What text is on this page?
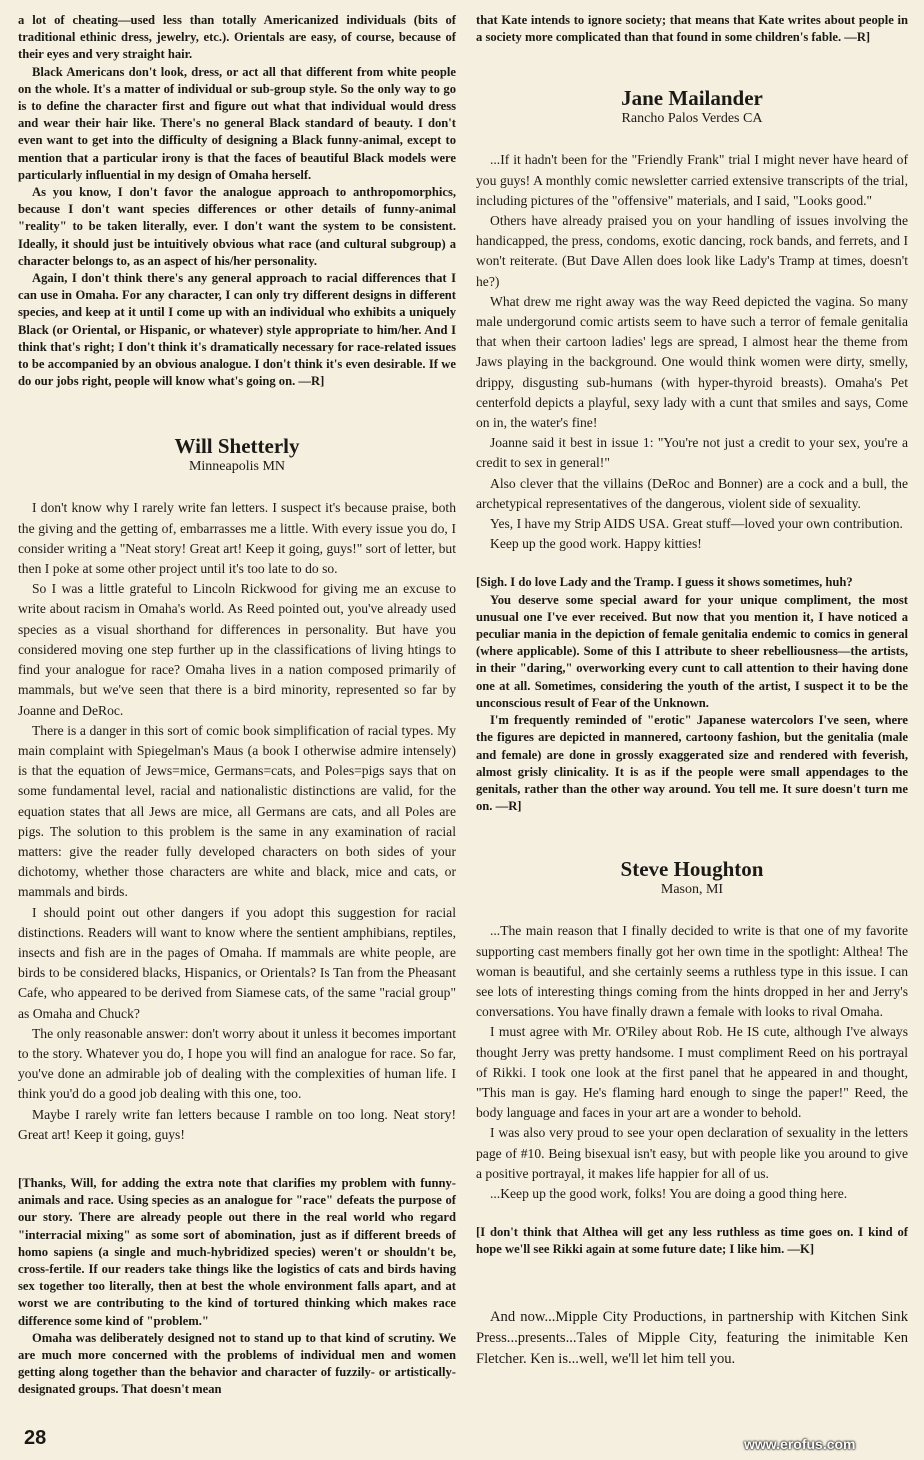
a lot of cheating—used less than totally Americanized individuals (bits of traditional ethinic dress, jewelry, etc.). Orientals are easy, of course, because of their eyes and very straight hair.

Black Americans don't look, dress, or act all that different from white people on the whole. It's a matter of individual or sub-group style. So the only way to go is to define the character first and figure out what that individual would dress and wear their hair like. There's no general Black standard of beauty. I don't even want to get into the difficulty of designing a Black funny-animal, except to mention that a particular irony is that the faces of beautiful Black models were particularly influential in my design of Omaha herself.

As you know, I don't favor the analogue approach to anthropomorphics, because I don't want species differences or other details of funny-animal "reality" to be taken literally, ever. I don't want the system to be consistent. Ideally, it should just be intuitively obvious what race (and cultural subgroup) a character belongs to, as an aspect of his/her personality.

Again, I don't think there's any general approach to racial differences that I can use in Omaha. For any character, I can only try different designs in different species, and keep at it until I come up with an individual who exhibits a uniquely Black (or Oriental, or Hispanic, or whatever) style appropriate to him/her. And I think that's right; I don't think it's dramatically necessary for race-related issues to be accompanied by an obvious analogue. I don't think it's even desirable. If we do our jobs right, people will know what's going on. —R]

Will Shetterly
Minneapolis MN

I don't know why I rarely write fan letters. I suspect it's because praise, both the giving and the getting of, embarrasses me a little. With every issue you do, I consider writing a "Neat story! Great art! Keep it going, guys!" sort of letter, but then I poke at some other project until it's too late to do so.

So I was a little grateful to Lincoln Rickwood for giving me an excuse to write about racism in Omaha's world. As Reed pointed out, you've already used species as a visual shorthand for differences in personality. But have you considered moving one step further up in the classifications of living htings to find your analogue for race? Omaha lives in a nation composed primarily of mammals, but we've seen that there is a bird minority, represented so far by Joanne and DeRoc.

There is a danger in this sort of comic book simplification of racial types. My main complaint with Spiegelman's Maus (a book I otherwise admire intensely) is that the equation of Jews=mice, Germans=cats, and Poles=pigs says that on some fundamental level, racial and nationalistic distinctions are valid, for the equation states that all Jews are mice, all Germans are cats, and all Poles are pigs. The solution to this problem is the same in any examination of racial matters: give the reader fully developed characters on both sides of your dichotomy, whether those characters are white and black, mice and cats, or mammals and birds.

I should point out other dangers if you adopt this suggestion for racial distinctions. Readers will want to know where the sentient amphibians, reptiles, insects and fish are in the pages of Omaha. If mammals are white people, are birds to be considered blacks, Hispanics, or Orientals? Is Tan from the Pheasant Cafe, who appeared to be derived from Siamese cats, of the same "racial group" as Omaha and Chuck?

The only reasonable answer: don't worry about it unless it becomes important to the story. Whatever you do, I hope you will find an analogue for race. So far, you've done an admirable job of dealing with the complexities of human life. I think you'd do a good job dealing with this one, too.

Maybe I rarely write fan letters because I ramble on too long. Neat story! Great art! Keep it going, guys!

[Thanks, Will, for adding the extra note that clarifies my problem with funny-animals and race. Using species as an analogue for "race" defeats the purpose of our story. There are already people out there in the real world who regard "interracial mixing" as some sort of abomination, just as if different breeds of homo sapiens (a single and much-hybridized species) weren't or shouldn't be, cross-fertile. If our readers take things like the logistics of cats and birds having sex together too literally, then at best the whole environment falls apart, and at worst we are contributing to the kind of tortured thinking which makes race difference some kind of "problem."

Omaha was deliberately designed not to stand up to that kind of scrutiny. We are much more concerned with the problems of individual men and women getting along together than the behavior and character of fuzzily- or artistically-designated groups. That doesn't mean

that Kate intends to ignore society; that means that Kate writes about people in a society more complicated than that found in some children's fable. —R]

Jane Mailander
Rancho Palos Verdes CA

...If it hadn't been for the "Friendly Frank" trial I might never have heard of you guys! A monthly comic newsletter carried extensive transcripts of the trial, including pictures of the "offensive" materials, and I said, "Looks good."

Others have already praised you on your handling of issues involving the handicapped, the press, condoms, exotic dancing, rock bands, and ferrets, and I won't reiterate. (But Dave Allen does look like Lady's Tramp at times, doesn't he?)

What drew me right away was the way Reed depicted the vagina. So many male undergorund comic artists seem to have such a terror of female genitalia that when their cartoon ladies' legs are spread, I almost hear the theme from Jaws playing in the background. One would think women were dirty, smelly, drippy, disgusting sub-humans (with hyper-thyroid breasts). Omaha's Pet centerfold depicts a playful, sexy lady with a cunt that smiles and says, Come on in, the water's fine!

Joanne said it best in issue 1: "You're not just a credit to your sex, you're a credit to sex in general!"

Also clever that the villains (DeRoc and Bonner) are a cock and a bull, the archetypical representatives of the dangerous, violent side of sexuality.

Yes, I have my Strip AIDS USA. Great stuff—loved your own contribution.

Keep up the good work. Happy kitties!

[Sigh. I do love Lady and the Tramp. I guess it shows sometimes, huh?

You deserve some special award for your unique compliment, the most unusual one I've ever received. But now that you mention it, I have noticed a peculiar mania in the depiction of female genitalia endemic to comics in general (where applicable). Some of this I attribute to sheer rebelliousness—the artists, in their "daring," overworking every cunt to call attention to their having done one at all. Sometimes, considering the youth of the artist, I suspect it to be the unconscious result of Fear of the Unknown.

I'm frequently reminded of "erotic" Japanese watercolors I've seen, where the figures are depicted in mannered, cartoony fashion, but the genitalia (male and female) are done in grossly exaggerated size and rendered with feverish, almost grisly clinicality. It is as if the people were small appendages to the genitals, rather than the other way around. You tell me. It sure doesn't turn me on. —R]

Steve Houghton
Mason, MI

...The main reason that I finally decided to write is that one of my favorite supporting cast members finally got her own time in the spotlight: Althea! The woman is beautiful, and she certainly seems a ruthless type in this issue. I can see lots of interesting things coming from the hints dropped in her and Jerry's conversations. You have finally drawn a female with looks to rival Omaha.

I must agree with Mr. O'Riley about Rob. He IS cute, although I've always thought Jerry was pretty handsome. I must compliment Reed on his portrayal of Rikki. I took one look at the first panel that he appeared in and thought, "This man is gay. He's flaming hard enough to singe the paper!" Reed, the body language and faces in your art are a wonder to behold.

I was also very proud to see your open declaration of sexuality in the letters page of #10. Being bisexual isn't easy, but with people like you around to give a positive portrayal, it makes life happier for all of us.

...Keep up the good work, folks! You are doing a good thing here.

[I don't think that Althea will get any less ruthless as time goes on. I kind of hope we'll see Rikki again at some future date; I like him. —K]

And now...Mipple City Productions, in partnership with Kitchen Sink Press...presents...Tales of Mipple City, featuring the inimitable Ken Fletcher. Ken is...well, we'll let him tell you.

28	www.erofus.com
